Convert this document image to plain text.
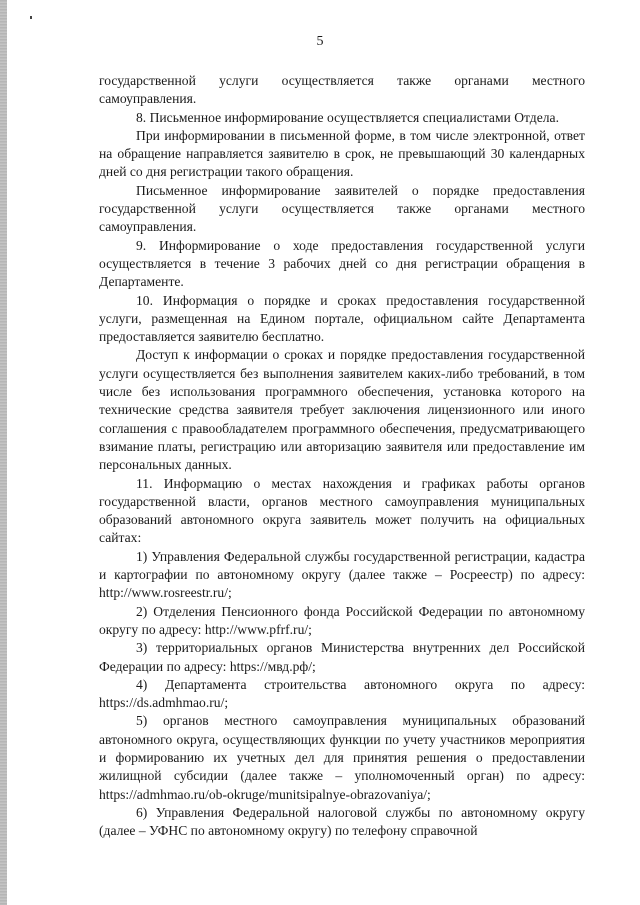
5

государственной услуги осуществляется также органами местного самоуправления.

8. Письменное информирование осуществляется специалистами Отдела.

При информировании в письменной форме, в том числе электронной, ответ на обращение направляется заявителю в срок, не превышающий 30 календарных дней со дня регистрации такого обращения.

Письменное информирование заявителей о порядке предоставления государственной услуги осуществляется также органами местного самоуправления.

9. Информирование о ходе предоставления государственной услуги осуществляется в течение 3 рабочих дней со дня регистрации обращения в Департаменте.

10. Информация о порядке и сроках предоставления государственной услуги, размещенная на Едином портале, официальном сайте Департамента предоставляется заявителю бесплатно.

Доступ к информации о сроках и порядке предоставления государственной услуги осуществляется без выполнения заявителем каких-либо требований, в том числе без использования программного обеспечения, установка которого на технические средства заявителя требует заключения лицензионного или иного соглашения с правообладателем программного обеспечения, предусматривающего взимание платы, регистрацию или авторизацию заявителя или предоставление им персональных данных.

11. Информацию о местах нахождения и графиках работы органов государственной власти, органов местного самоуправления муниципальных образований автономного округа заявитель может получить на официальных сайтах:

1) Управления Федеральной службы государственной регистрации, кадастра и картографии по автономному округу (далее также – Росреестр) по адресу: http://www.rosreestr.ru/;

2) Отделения Пенсионного фонда Российской Федерации по автономному округу по адресу: http://www.pfrf.ru/;

3) территориальных органов Министерства внутренних дел Российской Федерации по адресу: https://мвд.рф/;

4) Департамента строительства автономного округа по адресу: https://ds.admhmao.ru/;

5) органов местного самоуправления муниципальных образований автономного округа, осуществляющих функции по учету участников мероприятия и формированию их учетных дел для принятия решения о предоставлении жилищной субсидии (далее также – уполномоченный орган) по адресу: https://admhmao.ru/ob-okruge/munitsipalnye-obrazovaniya/;

6) Управления Федеральной налоговой службы по автономному округу (далее – УФНС по автономному округу) по телефону справочной
